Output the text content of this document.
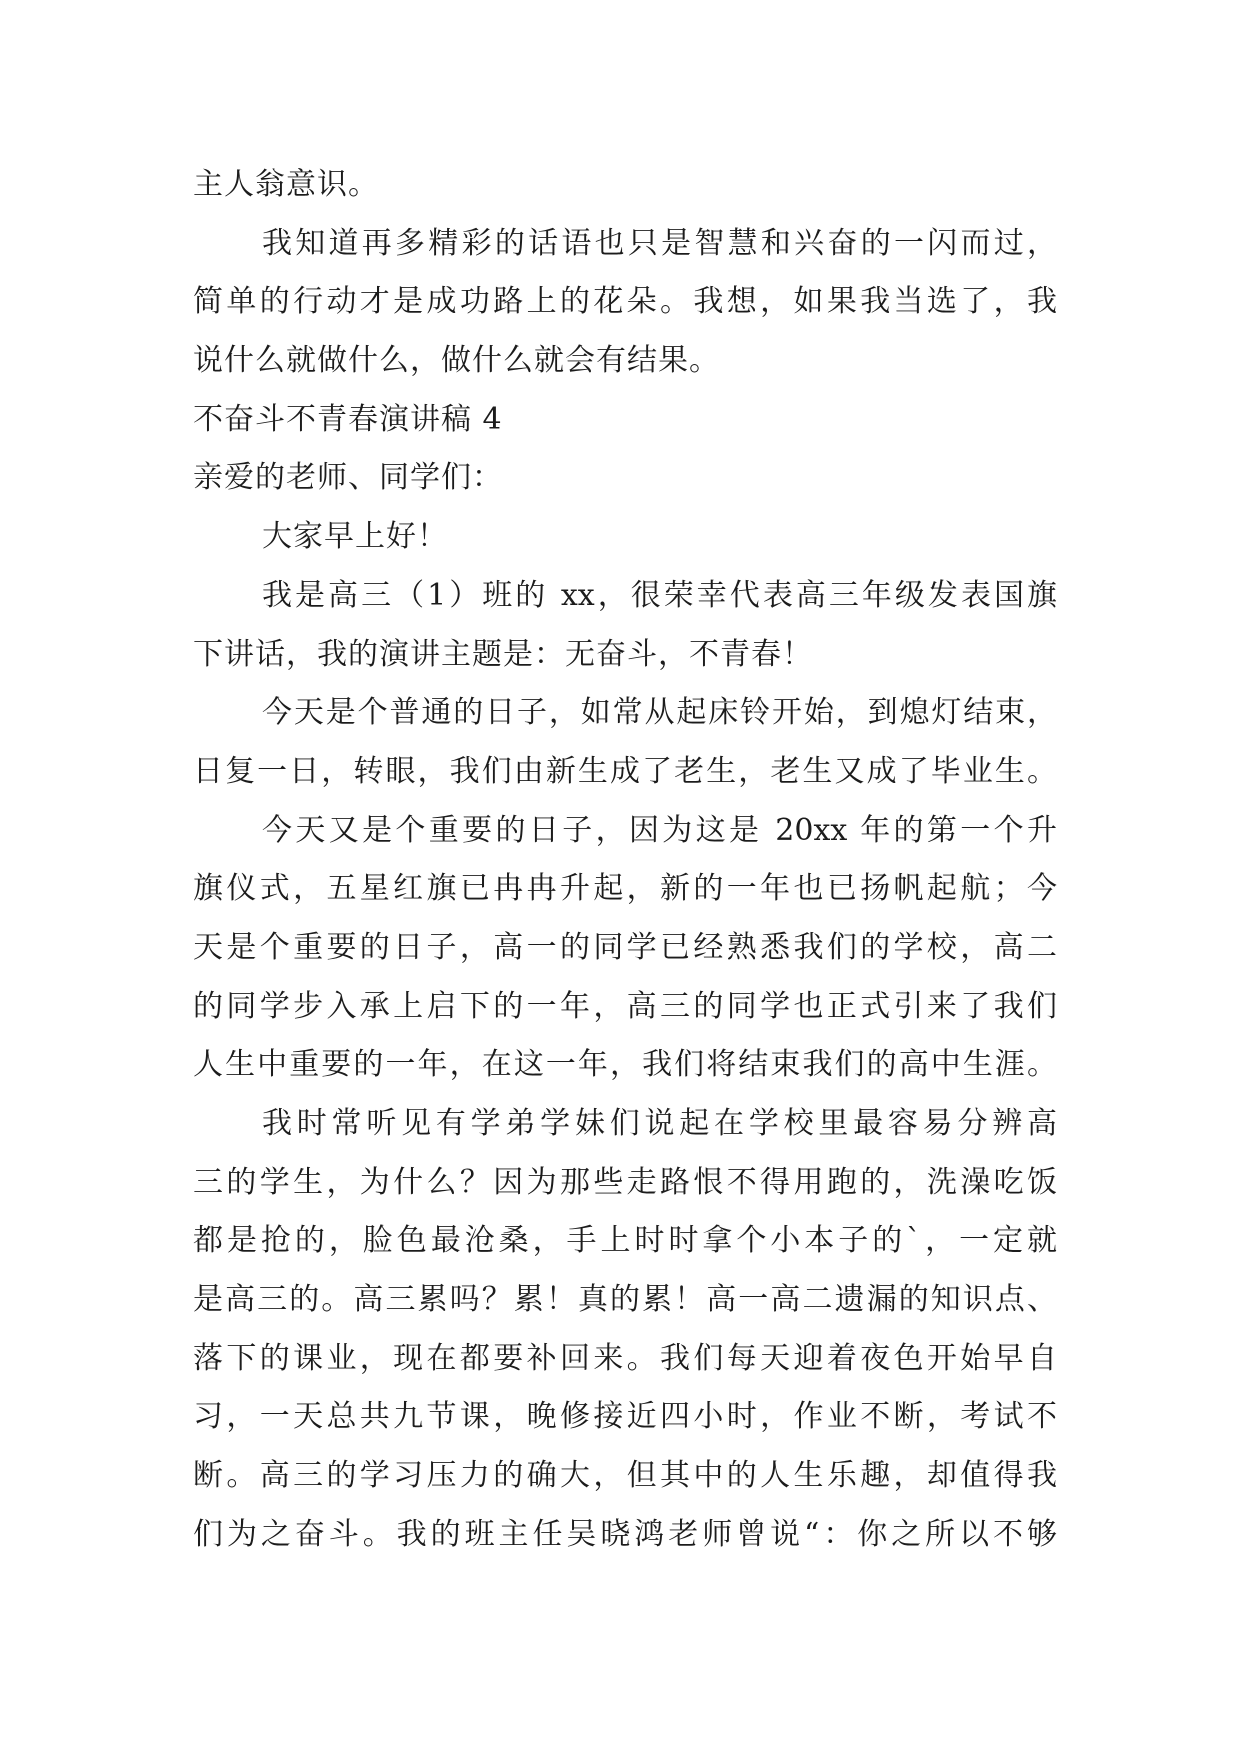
主人翁意识。
我知道再多精彩的话语也只是智慧和兴奋的一闪而过，
简单的行动才是成功路上的花朵。我想，如果我当选了，我
说什么就做什么，做什么就会有结果。
不奋斗不青春演讲稿 4
亲爱的老师、同学们：
大家早上好！
我是高三（1）班的 xx，很荣幸代表高三年级发表国旗
下讲话，我的演讲主题是：无奋斗，不青春！
今天是个普通的日子，如常从起床铃开始，到熄灯结束，
日复一日，转眼，我们由新生成了老生，老生又成了毕业生。
今天又是个重要的日子，因为这是 20xx 年的第一个升
旗仪式，五星红旗已冉冉升起，新的一年也已扬帆起航；今
天是个重要的日子，高一的同学已经熟悉我们的学校，高二
的同学步入承上启下的一年，高三的同学也正式引来了我们
人生中重要的一年，在这一年，我们将结束我们的高中生涯。
我时常听见有学弟学妹们说起在学校里最容易分辨高
三的学生，为什么？因为那些走路恨不得用跑的，洗澡吃饭
都是抢的，脸色最沧桑，手上时时拿个小本子的`，一定就
是高三的。高三累吗？累！真的累！高一高二遗漏的知识点、
落下的课业，现在都要补回来。我们每天迎着夜色开始早自
习，一天总共九节课，晚修接近四小时，作业不断，考试不
断。高三的学习压力的确大，但其中的人生乐趣，却值得我
们为之奋斗。我的班主任吴晓鸿老师曾说“：你之所以不够
